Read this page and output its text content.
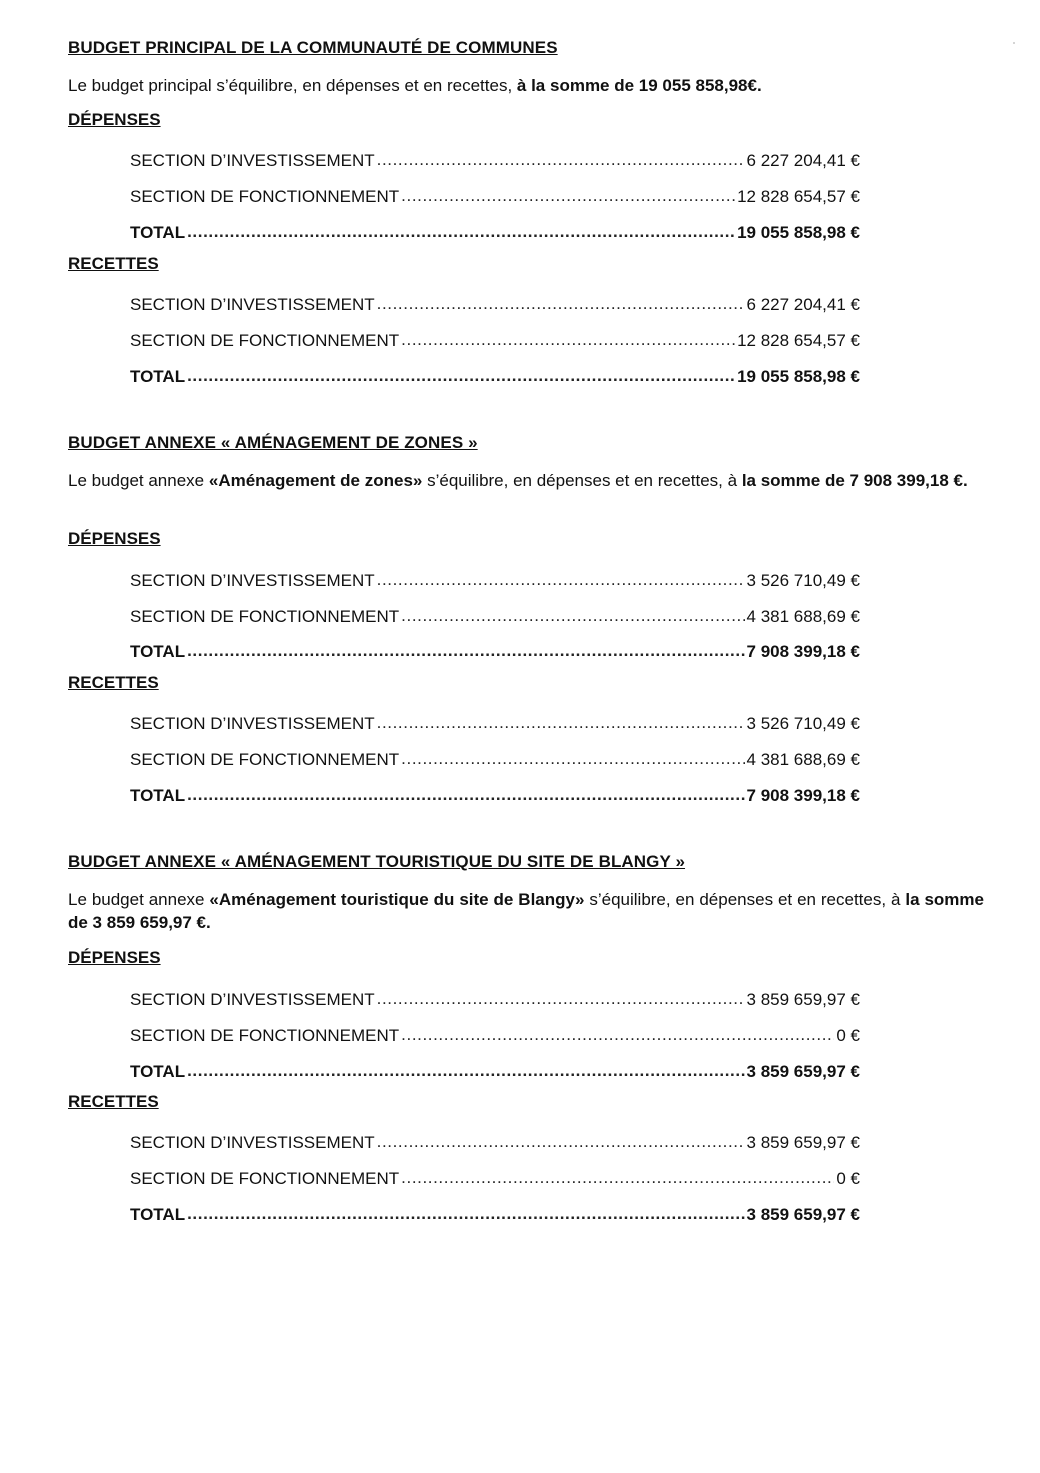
BUDGET PRINCIPAL DE LA COMMUNAUTÉ DE COMMUNES
Le budget principal s’équilibre, en dépenses et en recettes, à la somme de 19 055 858,98€.
DÉPENSES
SECTION D’INVESTISSEMENT .....	6 227 204,41 €
SECTION DE FONCTIONNEMENT .....	12 828 654,57 €
TOTAL .....	19 055 858,98 €
RECETTES
SECTION D’INVESTISSEMENT .....	6 227 204,41 €
SECTION DE FONCTIONNEMENT .....	12 828 654,57 €
TOTAL .....	19 055 858,98 €
BUDGET ANNEXE « AMÉNAGEMENT DE ZONES »
Le budget annexe «Aménagement de zones» s’équilibre, en dépenses et en recettes, à la somme de 7 908 399,18 €.
DÉPENSES
SECTION D’INVESTISSEMENT .....	3 526 710,49 €
SECTION DE FONCTIONNEMENT .....	4 381 688,69 €
TOTAL .....	7 908 399,18 €
RECETTES
SECTION D’INVESTISSEMENT .....	3 526 710,49 €
SECTION DE FONCTIONNEMENT .....	4 381 688,69 €
TOTAL .....	7 908 399,18 €
BUDGET ANNEXE « AMÉNAGEMENT TOURISTIQUE DU SITE DE BLANGY »
Le budget annexe «Aménagement touristique du site de Blangy» s’équilibre, en dépenses et en recettes, à la somme de 3 859 659,97 €.
DÉPENSES
SECTION D’INVESTISSEMENT .....	3 859 659,97 €
SECTION DE FONCTIONNEMENT .....	0 €
TOTAL .....	3 859 659,97 €
RECETTES
SECTION D’INVESTISSEMENT .....	3 859 659,97 €
SECTION DE FONCTIONNEMENT .....	0 €
TOTAL .....	3 859 659,97 €
